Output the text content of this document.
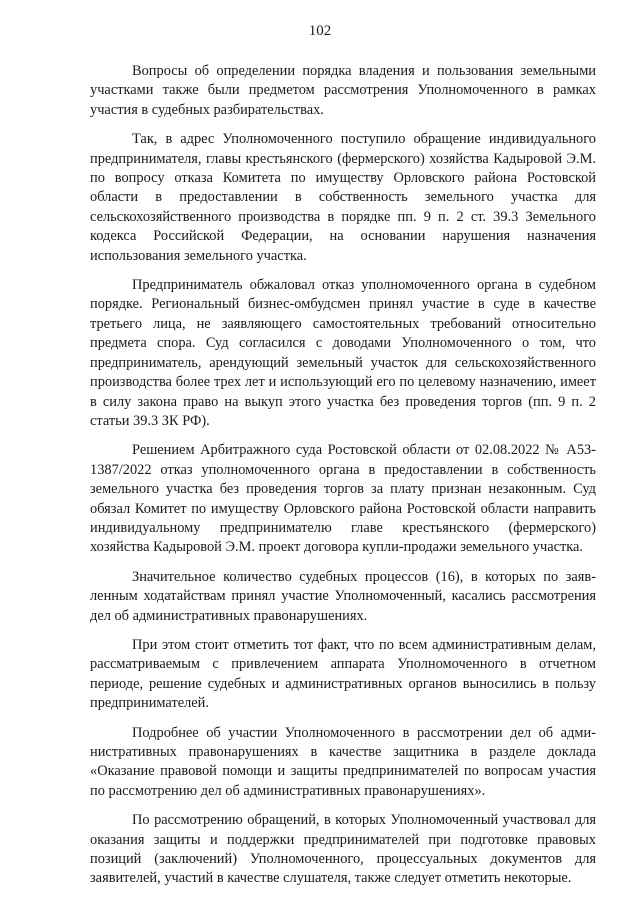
102

Вопросы об определении порядка владения и пользования земельными участками также были предметом рассмотрения Уполномоченного в рамках участия в судебных разбирательствах.

Так, в адрес Уполномоченного поступило обращение индивидуального предпринимателя, главы крестьянского (фермерского) хозяйства Кадыровой Э.М. по вопросу отказа Комитета по имуществу Орловского района Ростовской области в предоставлении в собственность земельного участка для сельскохозяйственного производства в порядке пп. 9 п. 2 ст. 39.3 Земельного кодекса Российской Федерации, на основании нарушения назначения использования земельного участка.

Предприниматель обжаловал отказ уполномоченного органа в судебном порядке. Региональный бизнес-омбудсмен принял участие в суде в качестве третьего лица, не заявляющего самостоятельных требований относительно предмета спора. Суд согласился с доводами Уполномоченного о том, что предприниматель, арендующий земельный участок для сельскохозяйственного производства более трех лет и использующий его по целевому назначению, имеет в силу закона право на выкуп этого участка без проведения торгов (пп. 9 п. 2 статьи 39.3 ЗК РФ).

Решением Арбитражного суда Ростовской области от 02.08.2022 № А53-1387/2022 отказ уполномоченного органа в предоставлении в собственность земельного участка без проведения торгов за плату признан незаконным. Суд обязал Комитет по имуществу Орловского района Ростовской области направить индивидуальному предпринимателю главе крестьянского (фермерского) хозяйства Кадыровой Э.М. проект договора купли-продажи земельного участка.

Значительное количество судебных процессов (16), в которых по заявленным ходатайствам принял участие Уполномоченный, касались рассмотрения дел об административных правонарушениях.

При этом стоит отметить тот факт, что по всем административным делам, рассматриваемым с привлечением аппарата Уполномоченного в отчетном периоде, решение судебных и административных органов выносились в пользу предпринимателей.

Подробнее об участии Уполномоченного в рассмотрении дел об административных правонарушениях в качестве защитника в разделе доклада «Оказание правовой помощи и защиты предпринимателей по вопросам участия по рассмотрению дел об административных правонарушениях».

По рассмотрению обращений, в которых Уполномоченный участвовал для оказания защиты и поддержки предпринимателей при подготовке правовых позиций (заключений) Уполномоченного, процессуальных документов для заявителей, участий в качестве слушателя, также следует отметить некоторые.
